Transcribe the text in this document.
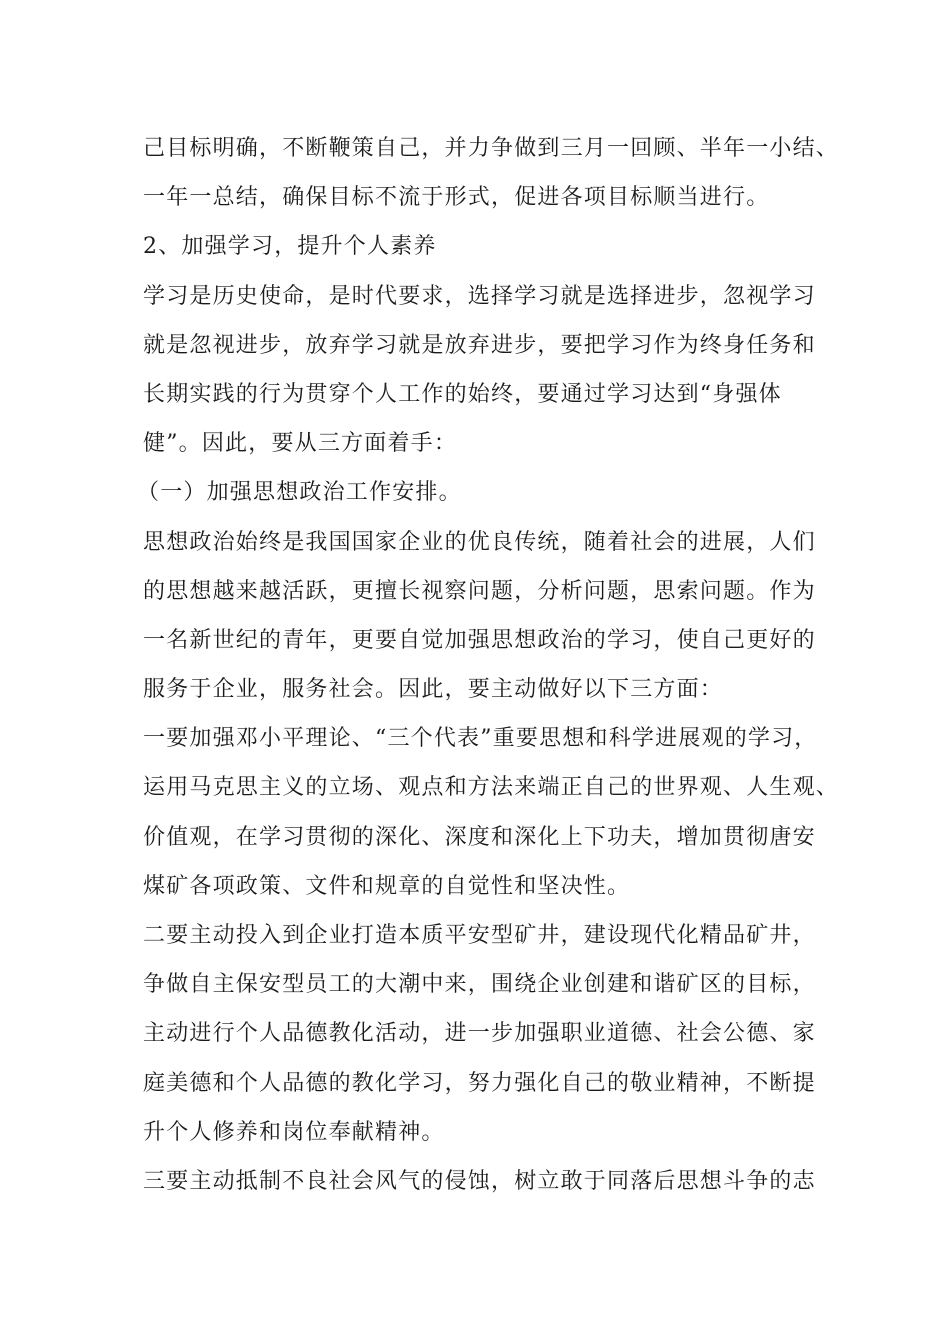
己目标明确，不断鞭策自己，并力争做到三月一回顾、半年一小结、
一年一总结，确保目标不流于形式，促进各项目标顺当进行。
2、加强学习，提升个人素养
学习是历史使命，是时代要求，选择学习就是选择进步，忽视学习
就是忽视进步，放弃学习就是放弃进步，要把学习作为终身任务和
长期实践的行为贯穿个人工作的始终，要通过学习达到“身强体
健”。因此，要从三方面着手：
（一）加强思想政治工作安排。
思想政治始终是我国国家企业的优良传统，随着社会的进展，人们
的思想越来越活跃，更擅长视察问题，分析问题，思索问题。作为
一名新世纪的青年，更要自觉加强思想政治的学习，使自己更好的
服务于企业，服务社会。因此，要主动做好以下三方面：
一要加强邓小平理论、“三个代表”重要思想和科学进展观的学习，
运用马克思主义的立场、观点和方法来端正自己的世界观、人生观、
价值观，在学习贯彻的深化、深度和深化上下功夫，增加贯彻唐安
煤矿各项政策、文件和规章的自觉性和坚决性。
二要主动投入到企业打造本质平安型矿井，建设现代化精品矿井，
争做自主保安型员工的大潮中来，围绕企业创建和谐矿区的目标，
主动进行个人品德教化活动，进一步加强职业道德、社会公德、家
庭美德和个人品德的教化学习，努力强化自己的敬业精神，不断提
升个人修养和岗位奉献精神。
三要主动抵制不良社会风气的侵蚀，树立敢于同落后思想斗争的志
